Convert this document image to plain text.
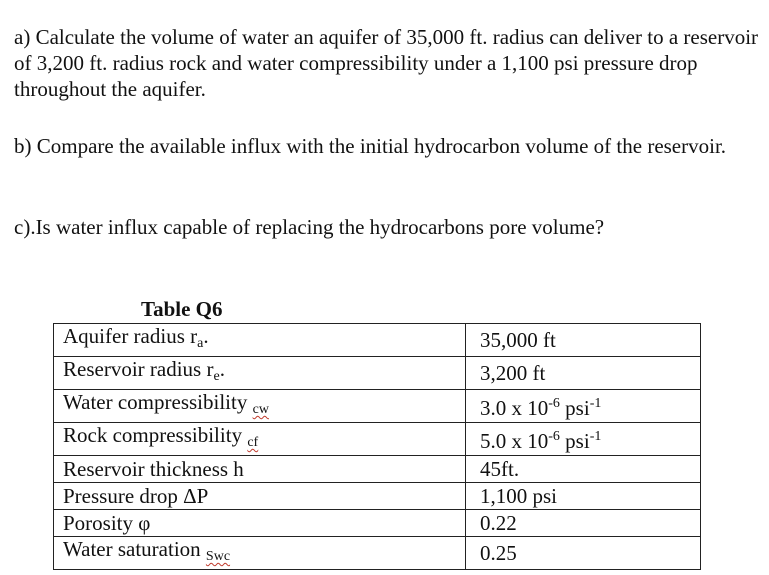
a) Calculate the volume of water an aquifer of 35,000 ft. radius can deliver to a reservoir of 3,200 ft. radius rock and water compressibility under a 1,100 psi pressure drop throughout the aquifer.

b) Compare the available influx with the initial hydrocarbon volume of the reservoir.

c).Is water influx capable of replacing the hydrocarbons pore volume?

Table Q6
Aquifer radius $r_a$.	35,000 ft
Reservoir radius $r_e$.	3,200 ft
Water compressibility $_{cw}$	3.0 x $10^{-6}$ psi$^{-1}$
Rock compressibility $_{cf}$	5.0 x $10^{-6}$ psi$^{-1}$
Reservoir thickness h	45ft.
Pressure drop ΔP	1,100 psi
Porosity φ	0.22
Water saturation $_{Swc}$	0.25
